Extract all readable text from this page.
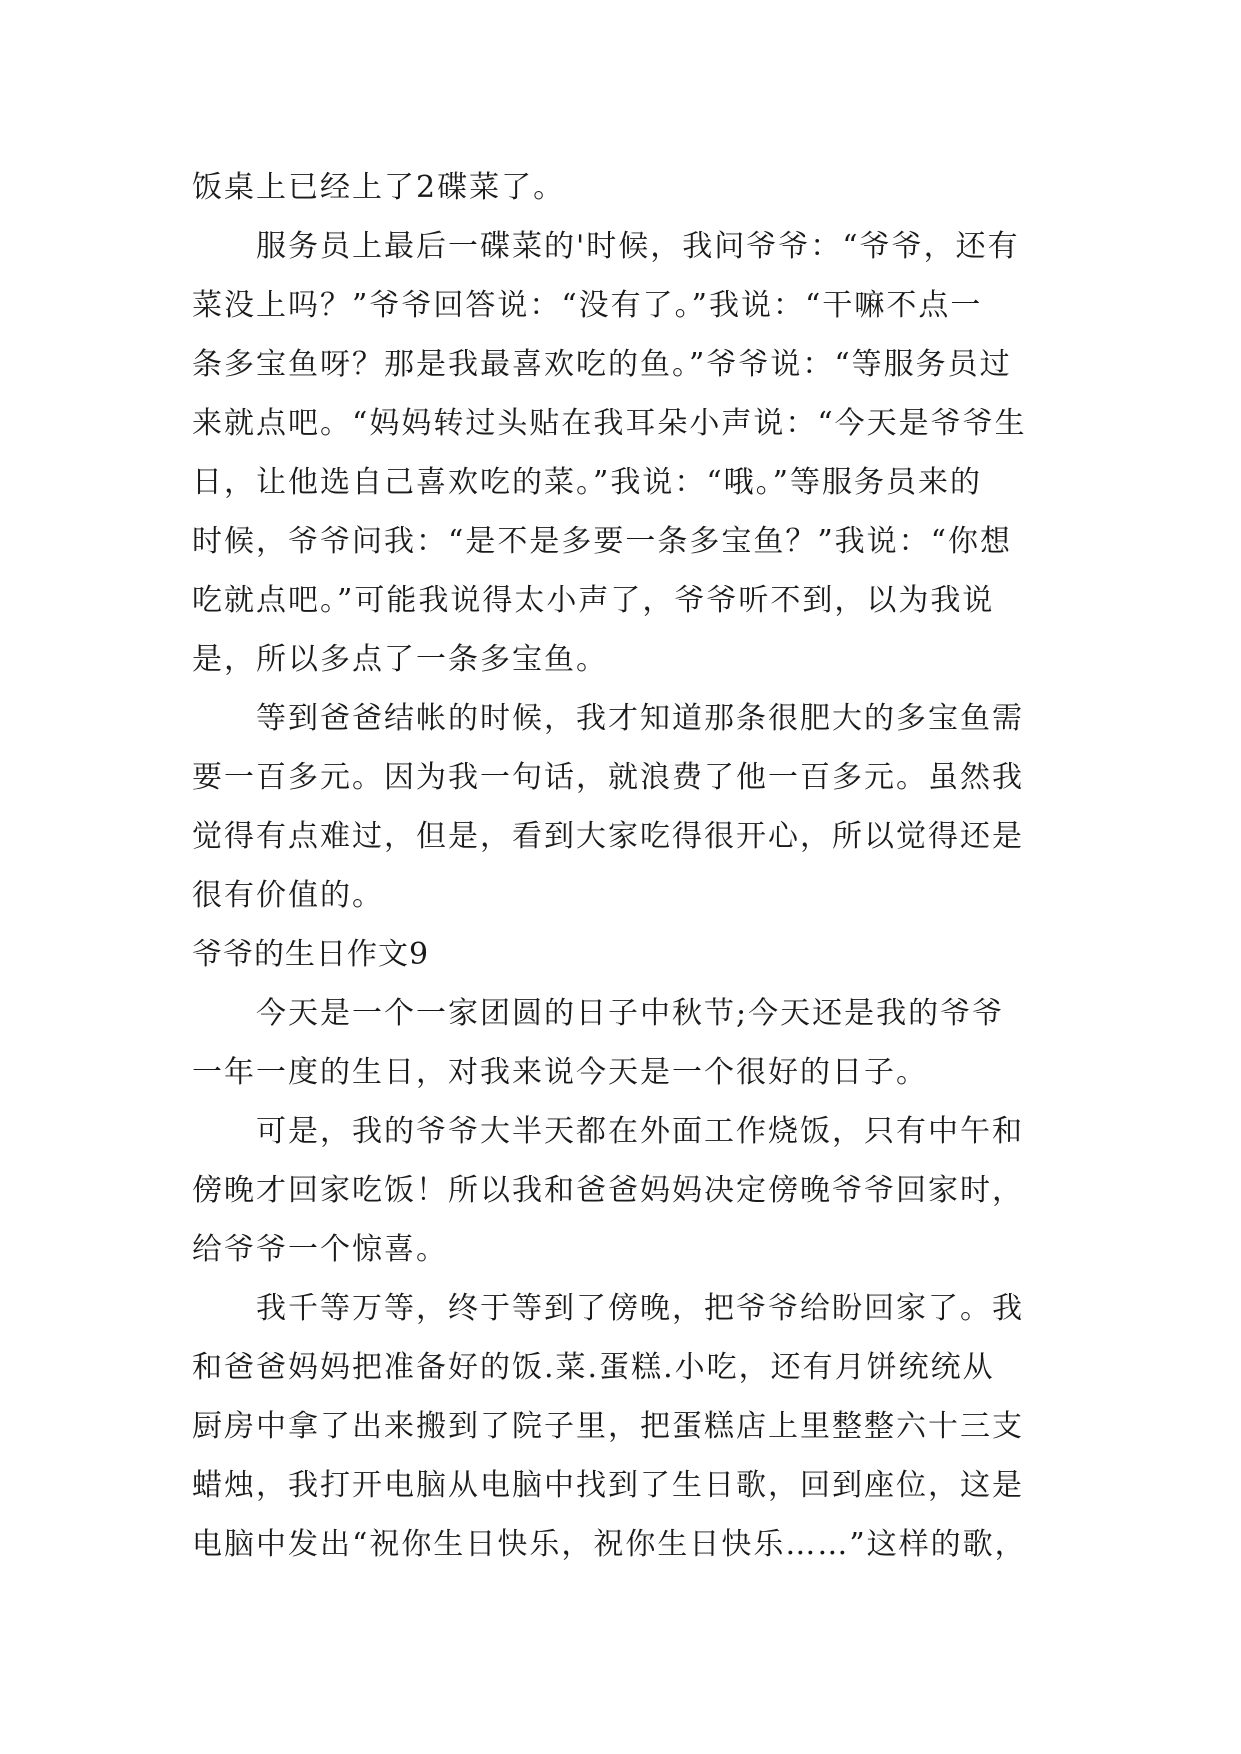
饭桌上已经上了2碟菜了。
服务员上最后一碟菜的'时候，我问爷爷：“爷爷，还有
菜没上吗？”爷爷回答说：“没有了。”我说：“干嘛不点一
条多宝鱼呀？那是我最喜欢吃的鱼。”爷爷说：“等服务员过
来就点吧。“妈妈转过头贴在我耳朵小声说：“今天是爷爷生
日，让他选自己喜欢吃的菜。”我说：“哦。”等服务员来的
时候，爷爷问我：“是不是多要一条多宝鱼？”我说：“你想
吃就点吧。”可能我说得太小声了，爷爷听不到，以为我说
是，所以多点了一条多宝鱼。
等到爸爸结帐的时候，我才知道那条很肥大的多宝鱼需
要一百多元。因为我一句话，就浪费了他一百多元。虽然我
觉得有点难过，但是，看到大家吃得很开心，所以觉得还是
很有价值的。
爷爷的生日作文9
今天是一个一家团圆的日子中秋节;今天还是我的爷爷
一年一度的生日，对我来说今天是一个很好的日子。
可是，我的爷爷大半天都在外面工作烧饭，只有中午和
傍晚才回家吃饭！所以我和爸爸妈妈决定傍晚爷爷回家时，
给爷爷一个惊喜。
我千等万等，终于等到了傍晚，把爷爷给盼回家了。我
和爸爸妈妈把准备好的饭.菜.蛋糕.小吃，还有月饼统统从
厨房中拿了出来搬到了院子里，把蛋糕店上里整整六十三支
蜡烛，我打开电脑从电脑中找到了生日歌，回到座位，这是
电脑中发出“祝你生日快乐，祝你生日快乐……”这样的歌，
